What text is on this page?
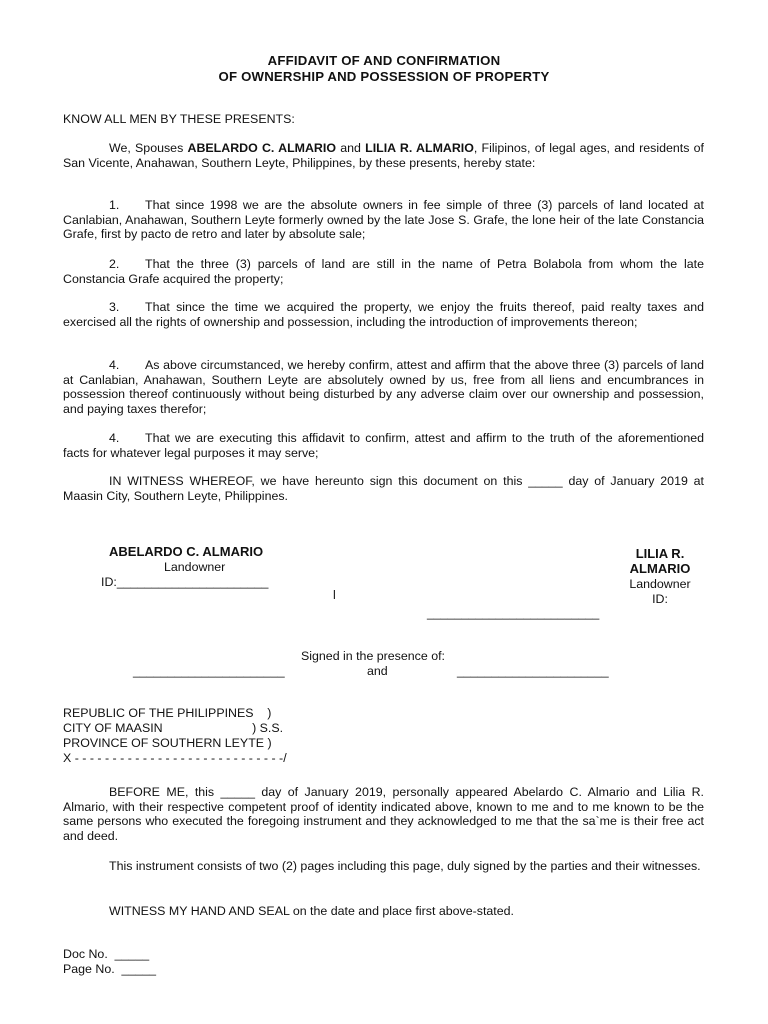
AFFIDAVIT OF AND CONFIRMATION
OF OWNERSHIP AND POSSESSION OF PROPERTY
KNOW ALL MEN BY THESE PRESENTS:
We, Spouses ABELARDO C. ALMARIO and LILIA R. ALMARIO, Filipinos, of legal ages, and residents of San Vicente, Anahawan, Southern Leyte, Philippines, by these presents, hereby state:
1. That since 1998 we are the absolute owners in fee simple of three (3) parcels of land located at Canlabian, Anahawan, Southern Leyte formerly owned by the late Jose S. Grafe, the lone heir of the late Constancia Grafe, first by pacto de retro and later by absolute sale;
2. That the three (3) parcels of land are still in the name of Petra Bolabola from whom the late Constancia Grafe acquired the property;
3. That since the time we acquired the property, we enjoy the fruits thereof, paid realty taxes and exercised all the rights of ownership and possession, including the introduction of improvements thereon;
4. As above circumstanced, we hereby confirm, attest and affirm that the above three (3) parcels of land at Canlabian, Anahawan, Southern Leyte are absolutely owned by us, free from all liens and encumbrances in possession thereof continuously without being disturbed by any adverse claim over our ownership and possession, and paying taxes therefor;
4. That we are executing this affidavit to confirm, attest and affirm to the truth of the aforementioned facts for whatever legal purposes it may serve;
IN WITNESS WHEREOF, we have hereunto sign this document on this _____ day of January 2019 at Maasin City, Southern Leyte, Philippines.
ABELARDO C. ALMARIO
Landowner
ID:______________________
LILIA R.
ALMARIO
Landowner
ID:
l
_________________________
Signed in the presence of:
______________________	and	______________________
REPUBLIC OF THE PHILIPPINES    )
CITY OF MAASIN                          ) S.S.
PROVINCE OF SOUTHERN LEYTE )
X - - - - - - - - - - - - - - - - - - - - - - - - - - - -/
BEFORE ME, this _____ day of January 2019, personally appeared Abelardo C. Almario and Lilia R. Almario, with their respective competent proof of identity indicated above, known to me and to me known to be the same persons who executed the foregoing instrument and they acknowledged to me that the sa`me is their free act and deed.
This instrument consists of two (2) pages including this page, duly signed by the parties and their witnesses.
WITNESS MY HAND AND SEAL on the date and place first above-stated.
Doc No.  _____
Page No.  _____
